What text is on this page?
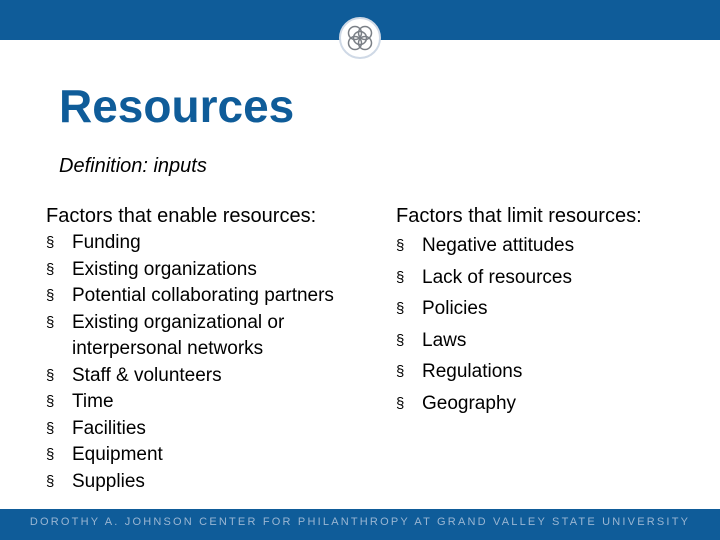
Resources
Definition: inputs
Factors that enable resources:
§ Funding
§ Existing organizations
§ Potential collaborating partners
§ Existing organizational or
interpersonal networks
§ Staff & volunteers
§ Time
§ Facilities
§ Equipment
§ Supplies
Factors that limit resources:
§ Negative attitudes
§ Lack of resources
§ Policies
§ Laws
§ Regulations
§ Geography
DOROTHY A. JOHNSON CENTER FOR PHILANTHROPY AT GRAND VALLEY STATE UNIVERSITY
